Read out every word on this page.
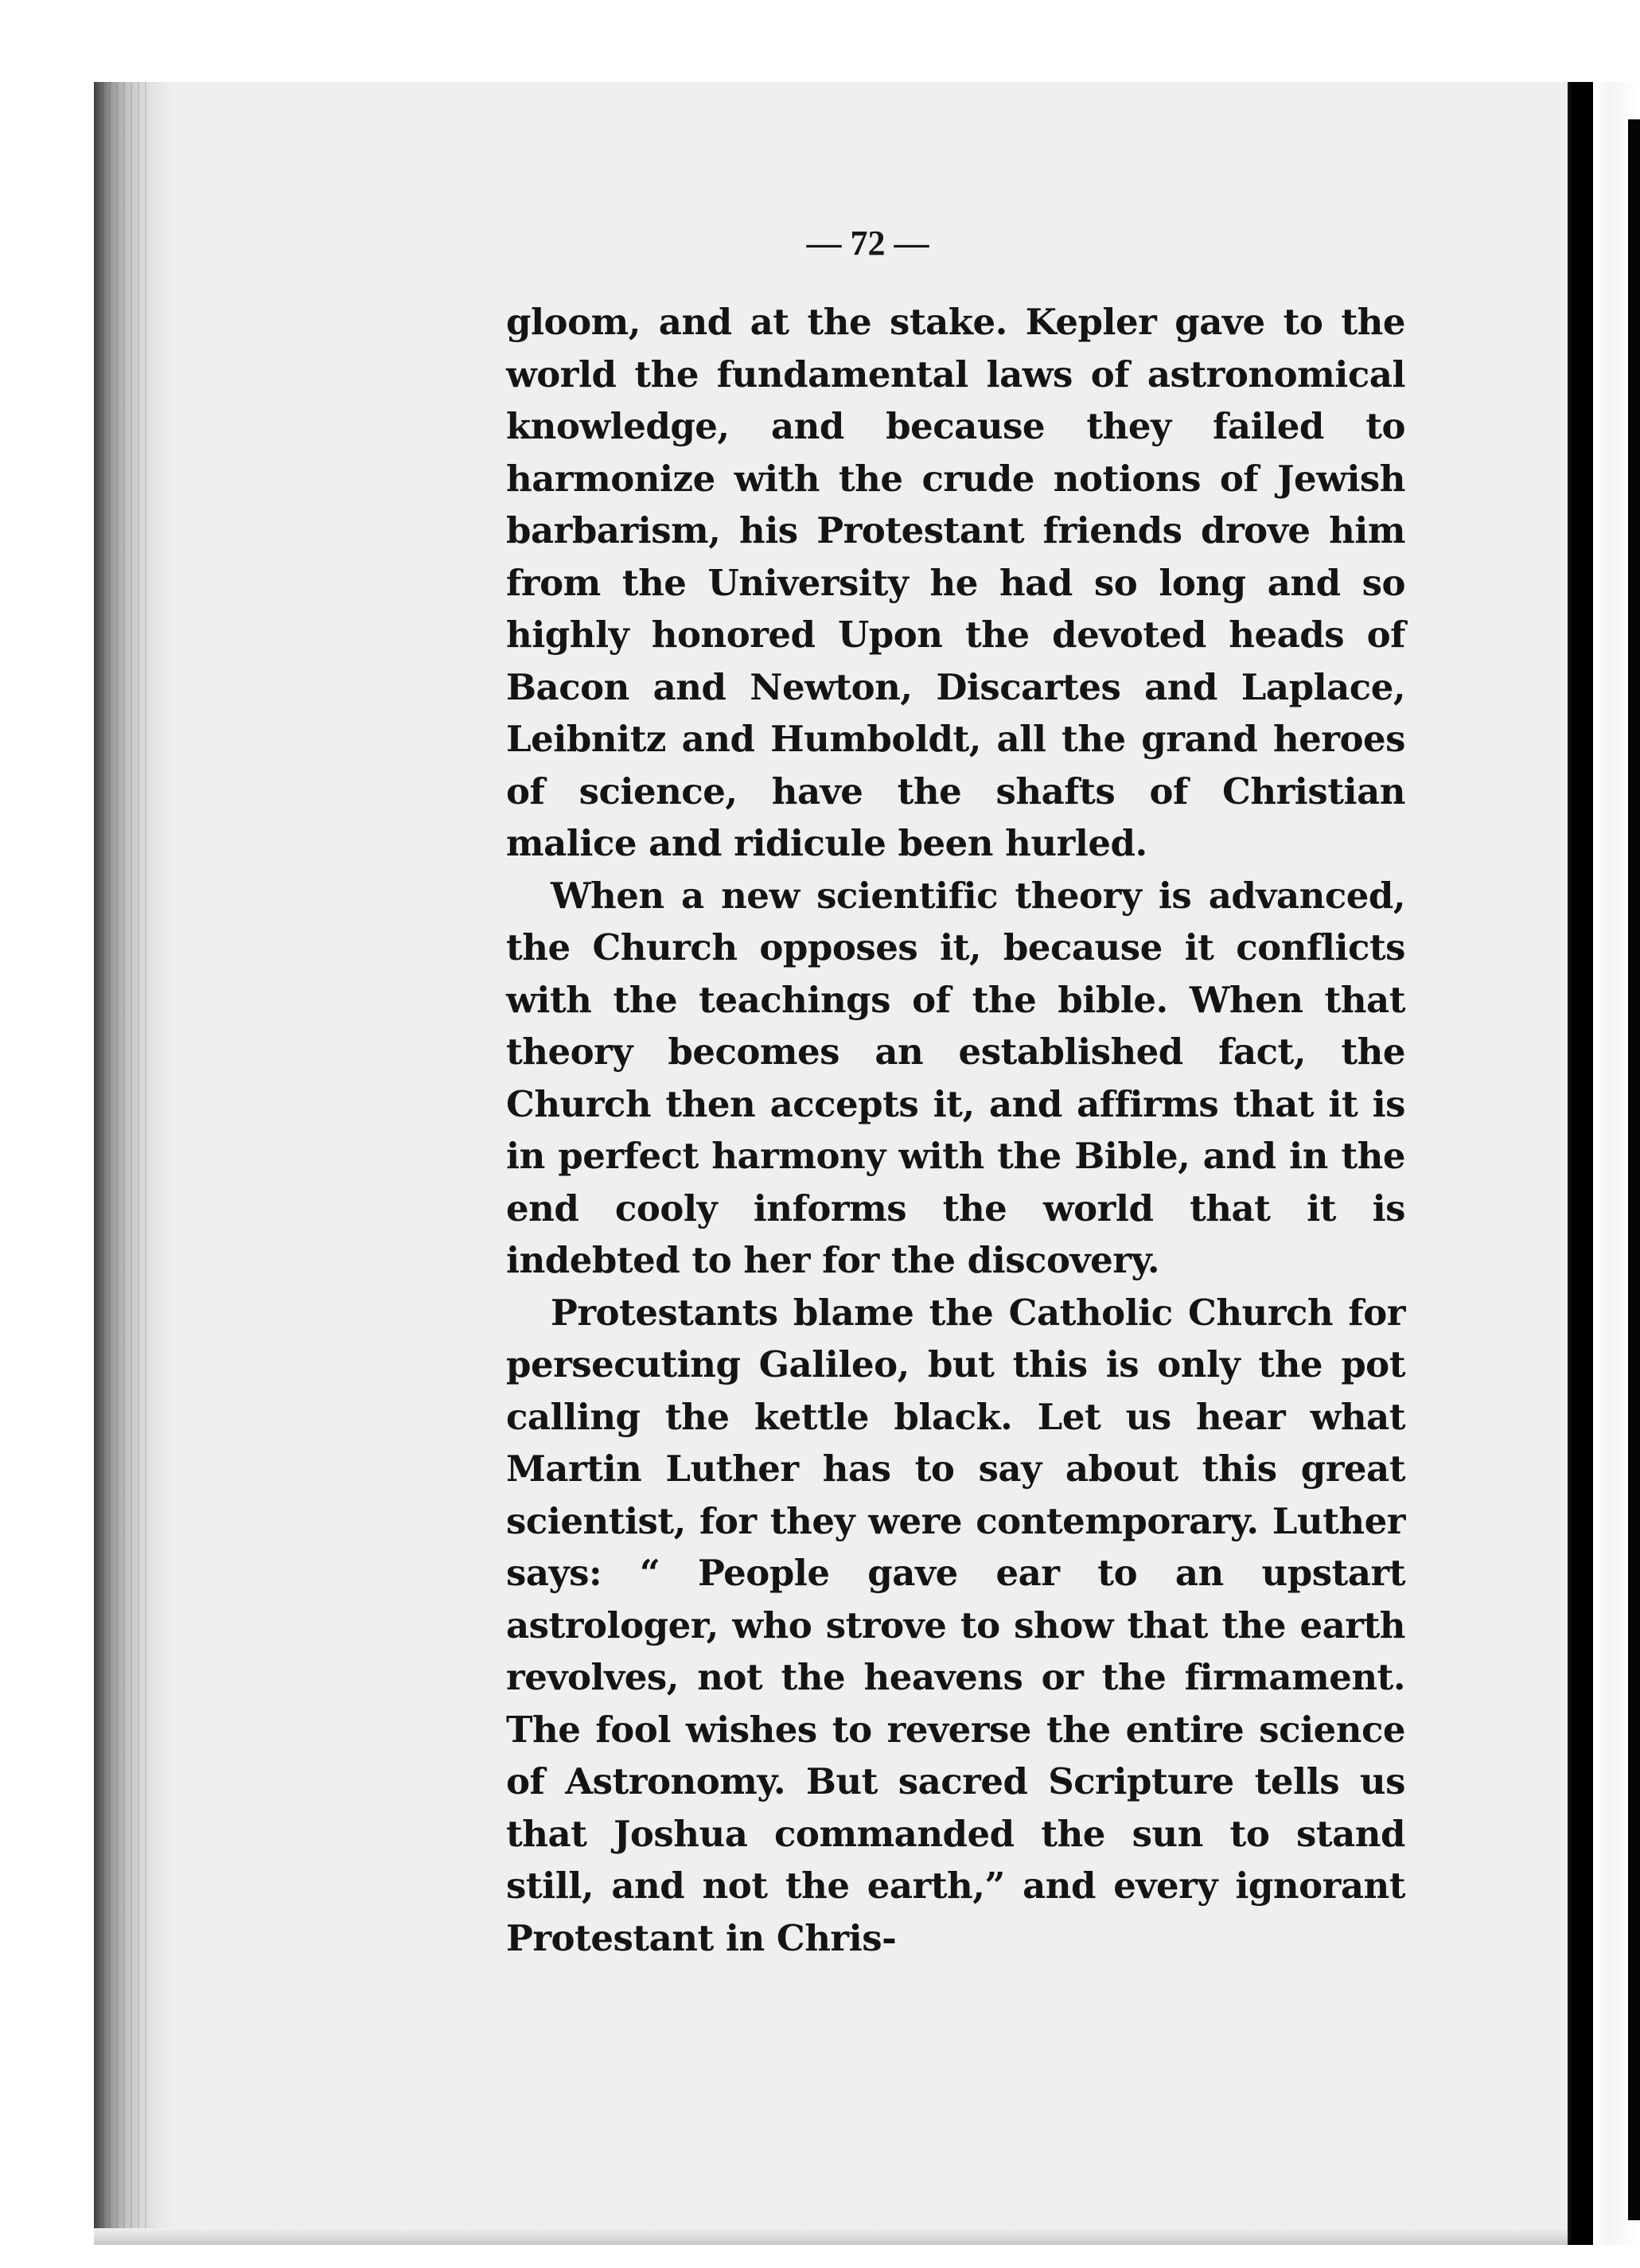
— 72 —

gloom, and at the stake. Kepler gave to the world the fundamental laws of astronomical knowledge, and because they failed to harmonize with the crude notions of Jewish barbarism, his Protestant friends drove him from the University he had so long and so highly honored Upon the devoted heads of Bacon and Newton, Discartes and Laplace, Leibnitz and Humboldt, all the grand heroes of science, have the shafts of Christian malice and ridicule been hurled.

When a new scientific theory is advanced, the Church opposes it, because it conflicts with the teachings of the bible. When that theory becomes an established fact, the Church then accepts it, and affirms that it is in perfect harmony with the Bible, and in the end cooly informs the world that it is indebted to her for the discovery.

Protestants blame the Catholic Church for persecuting Galileo, but this is only the pot calling the kettle black. Let us hear what Martin Luther has to say about this great scientist, for they were contemporary. Luther says: “ People gave ear to an upstart astrologer, who strove to show that the earth revolves, not the heavens or the firmament. The fool wishes to reverse the entire science of Astronomy. But sacred Scripture tells us that Joshua commanded the sun to stand still, and not the earth,” and every ignorant Protestant in Chris-
